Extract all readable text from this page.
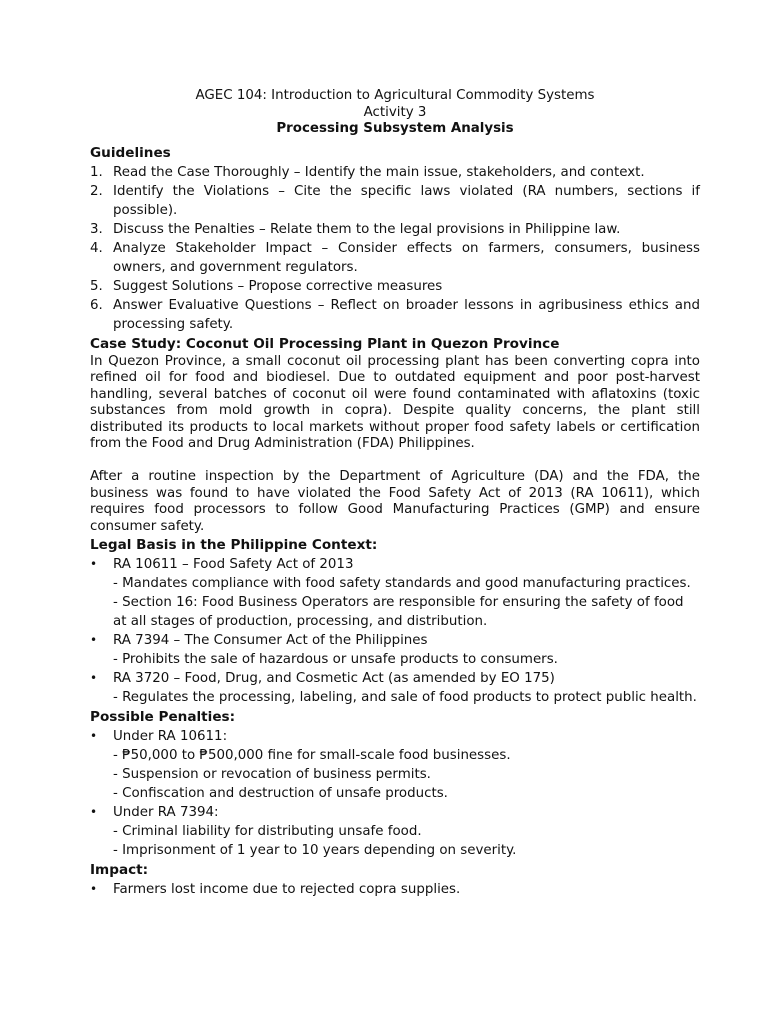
AGEC 104: Introduction to Agricultural Commodity Systems
Activity 3
Processing Subsystem Analysis
Guidelines
1. Read the Case Thoroughly – Identify the main issue, stakeholders, and context.
2. Identify the Violations – Cite the specific laws violated (RA numbers, sections if possible).
3. Discuss the Penalties – Relate them to the legal provisions in Philippine law.
4. Analyze Stakeholder Impact – Consider effects on farmers, consumers, business owners, and government regulators.
5. Suggest Solutions – Propose corrective measures
6. Answer Evaluative Questions – Reflect on broader lessons in agribusiness ethics and processing safety.
Case Study: Coconut Oil Processing Plant in Quezon Province

In Quezon Province, a small coconut oil processing plant has been converting copra into refined oil for food and biodiesel. Due to outdated equipment and poor post-harvest handling, several batches of coconut oil were found contaminated with aflatoxins (toxic substances from mold growth in copra). Despite quality concerns, the plant still distributed its products to local markets without proper food safety labels or certification from the Food and Drug Administration (FDA) Philippines.

After a routine inspection by the Department of Agriculture (DA) and the FDA, the business was found to have violated the Food Safety Act of 2013 (RA 10611), which requires food processors to follow Good Manufacturing Practices (GMP) and ensure consumer safety.

Legal Basis in the Philippine Context:
• RA 10611 – Food Safety Act of 2013
- Mandates compliance with food safety standards and good manufacturing practices.
- Section 16: Food Business Operators are responsible for ensuring the safety of food at all stages of production, processing, and distribution.
• RA 7394 – The Consumer Act of the Philippines
- Prohibits the sale of hazardous or unsafe products to consumers.
• RA 3720 – Food, Drug, and Cosmetic Act (as amended by EO 175)
- Regulates the processing, labeling, and sale of food products to protect public health.
Possible Penalties:
• Under RA 10611:
- ₱50,000 to ₱500,000 fine for small-scale food businesses.
- Suspension or revocation of business permits.
- Confiscation and destruction of unsafe products.
• Under RA 7394:
- Criminal liability for distributing unsafe food.
- Imprisonment of 1 year to 10 years depending on severity.
Impact:
• Farmers lost income due to rejected copra supplies.
